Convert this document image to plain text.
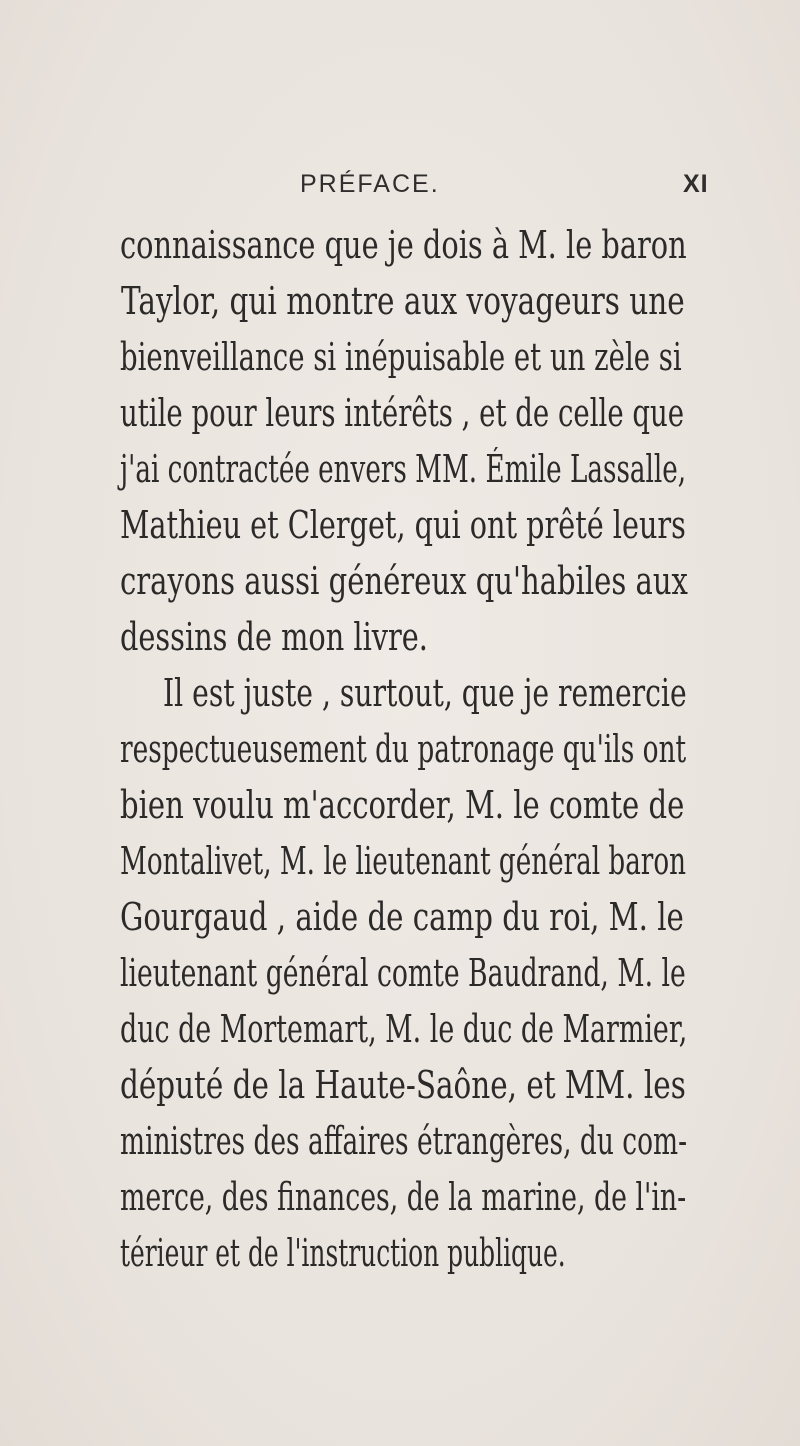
PRÉFACE.	XI
connaissance que je dois à M. le baron
Taylor, qui montre aux voyageurs une
bienveillance si inépuisable et un zèle si
utile pour leurs intérêts , et de celle que
j'ai contractée envers MM. Émile Lassalle,
Mathieu et Clerget, qui ont prêté leurs
crayons aussi généreux qu'habiles aux
dessins de mon livre.
Il est juste , surtout, que je remercie
respectueusement du patronage qu'ils ont
bien voulu m'accorder, M. le comte de
Montalivet, M. le lieutenant général baron
Gourgaud , aide de camp du roi, M. le
lieutenant général comte Baudrand, M. le
duc de Mortemart, M. le duc de Marmier,
député de la Haute-Saône, et MM. les
ministres des affaires étrangères, du com-
merce, des finances, de la marine, de l'in-
térieur et de l'instruction publique.
